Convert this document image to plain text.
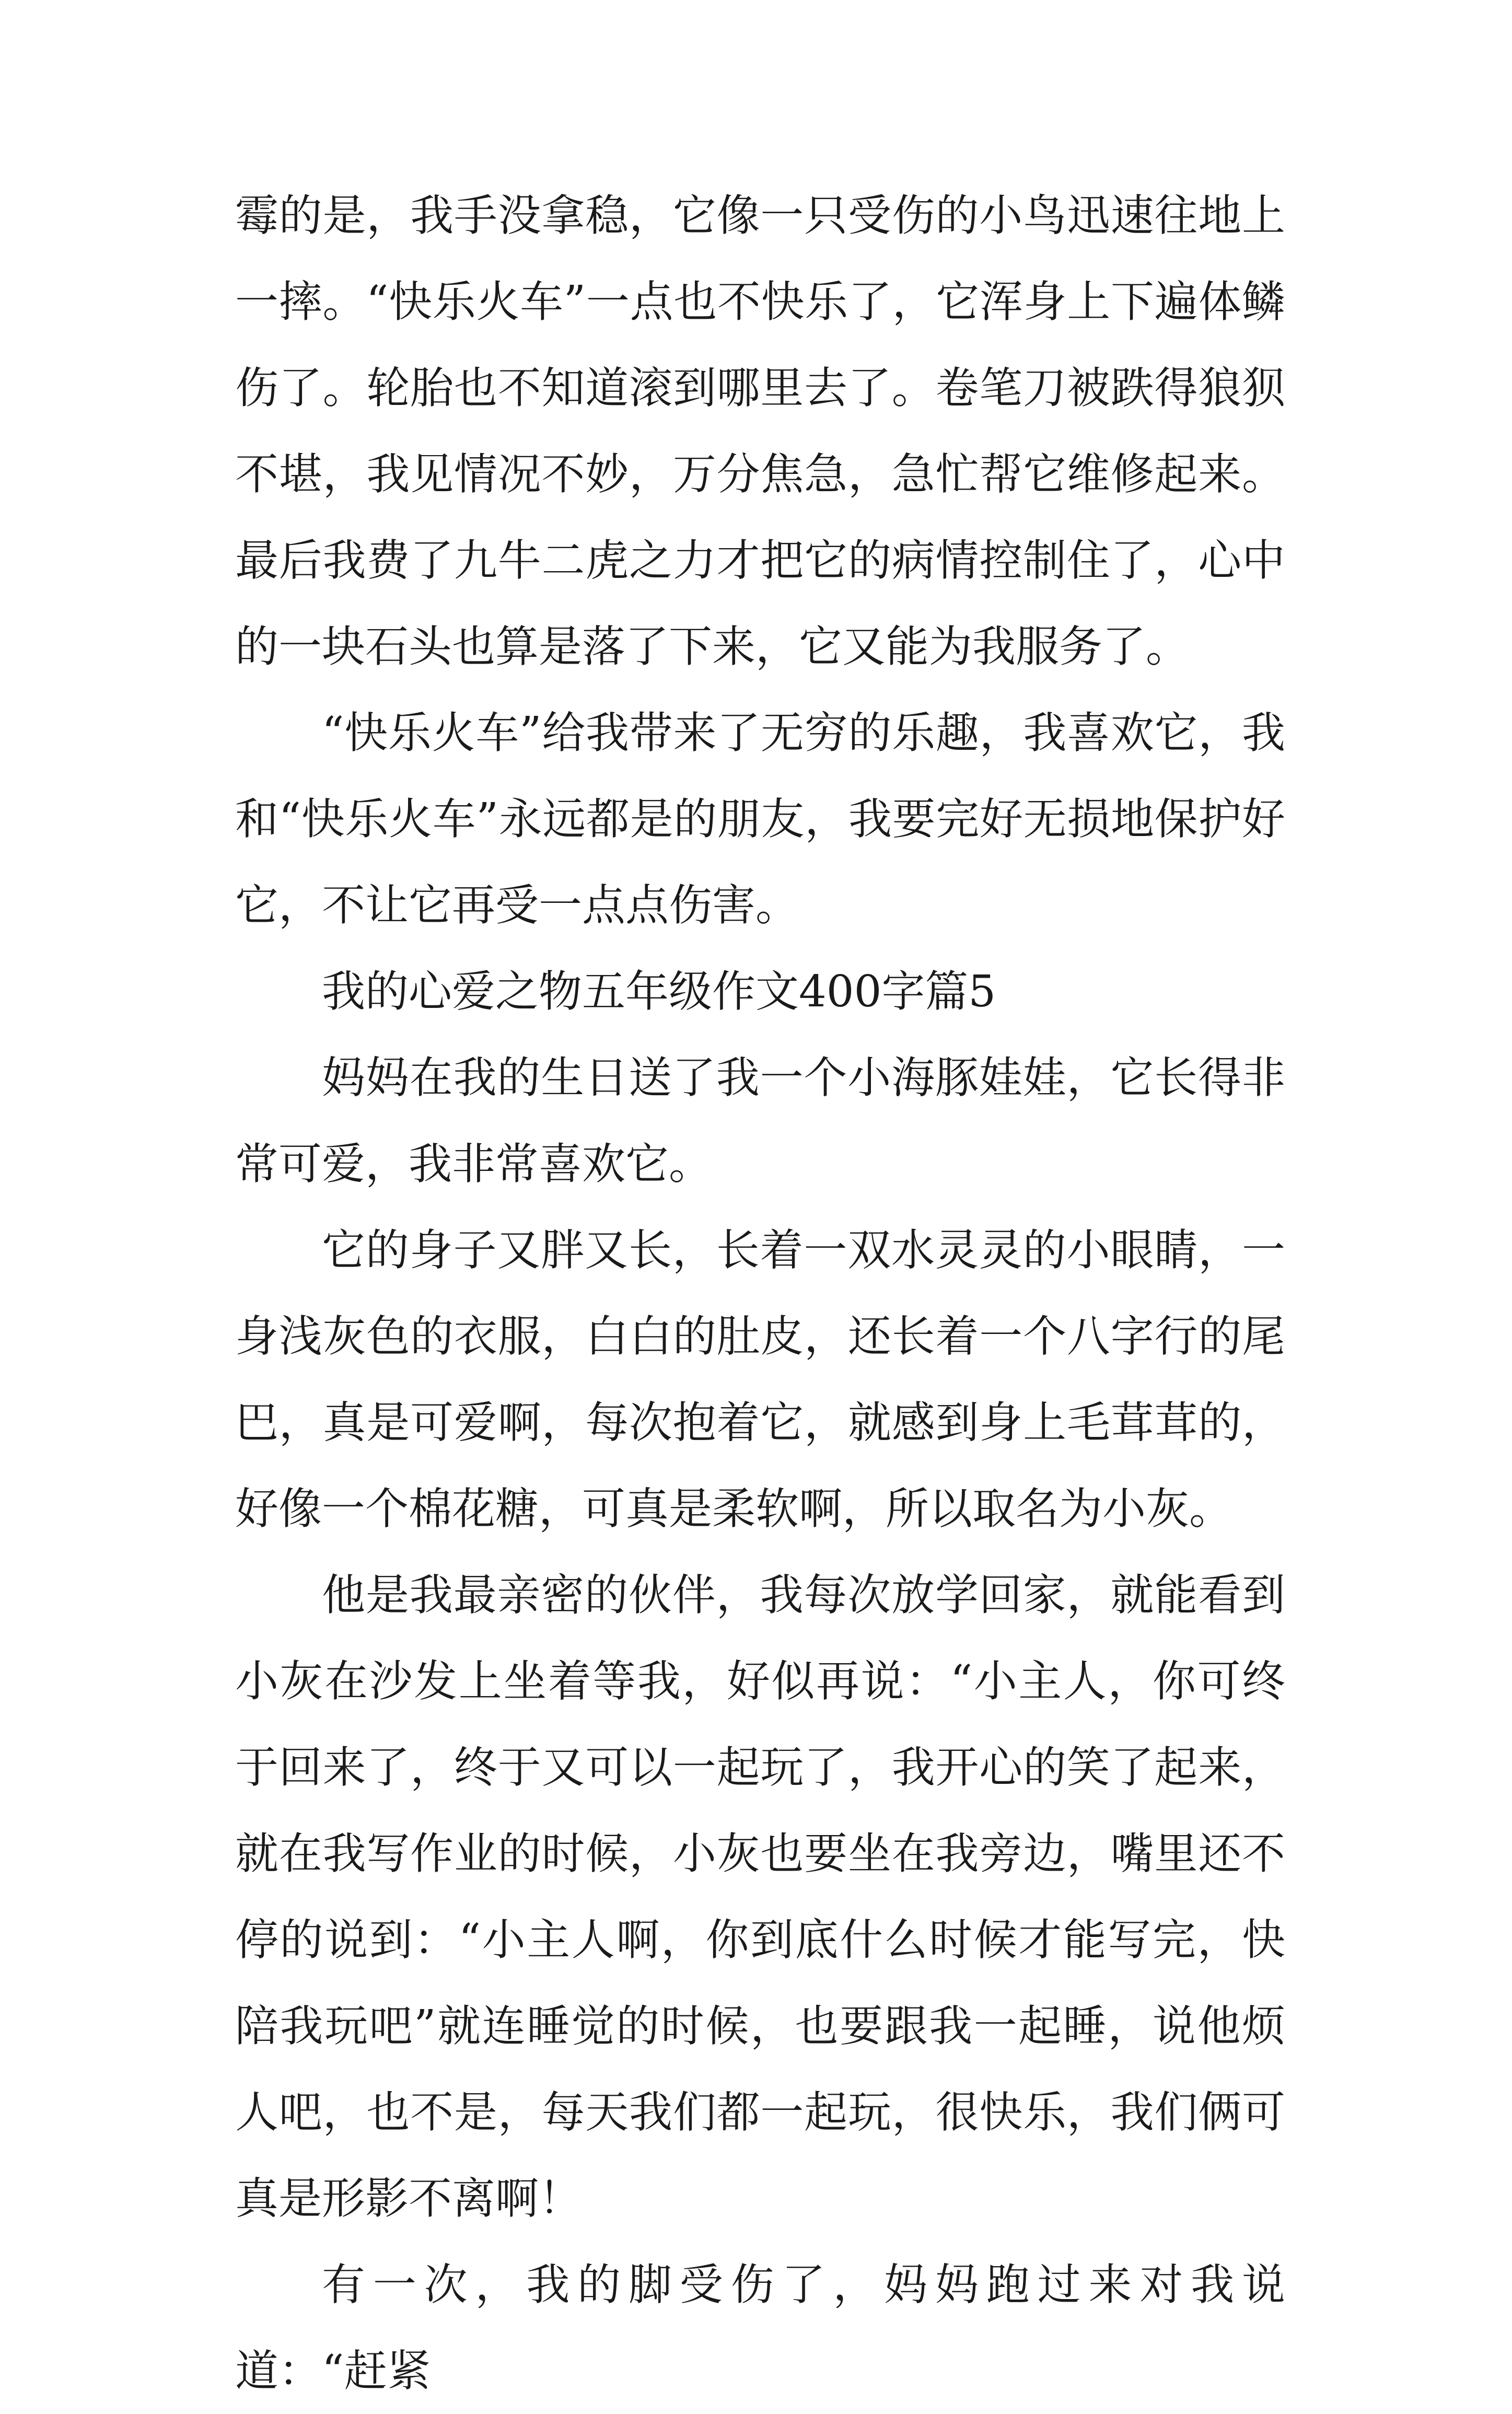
霉的是，我手没拿稳，它像一只受伤的小鸟迅速往地上一摔。“快乐火车”一点也不快乐了，它浑身上下遍体鳞伤了。轮胎也不知道滚到哪里去了。卷笔刀被跌得狼狈不堪，我见情况不妙，万分焦急，急忙帮它维修起来。最后我费了九牛二虎之力才把它的病情控制住了，心中的一块石头也算是落了下来，它又能为我服务了。

“快乐火车”给我带来了无穷的乐趣，我喜欢它，我和“快乐火车”永远都是的朋友，我要完好无损地保护好它，不让它再受一点点伤害。

我的心爱之物五年级作文400字篇5

妈妈在我的生日送了我一个小海豚娃娃，它长得非常可爱，我非常喜欢它。

它的身子又胖又长，长着一双水灵灵的小眼睛，一身浅灰色的衣服，白白的肚皮，还长着一个八字行的尾巴，真是可爱啊，每次抱着它，就感到身上毛茸茸的，好像一个棉花糖，可真是柔软啊，所以取名为小灰。

他是我最亲密的伙伴，我每次放学回家，就能看到小灰在沙发上坐着等我，好似再说：“小主人，你可终于回来了，终于又可以一起玩了，我开心的笑了起来，就在我写作业的时候，小灰也要坐在我旁边，嘴里还不停的说到：“小主人啊，你到底什么时候才能写完，快陪我玩吧”就连睡觉的时候，也要跟我一起睡，说他烦人吧，也不是，每天我们都一起玩，很快乐，我们俩可真是形影不离啊！

有一次，我的脚受伤了，妈妈跑过来对我说道：“赶紧
